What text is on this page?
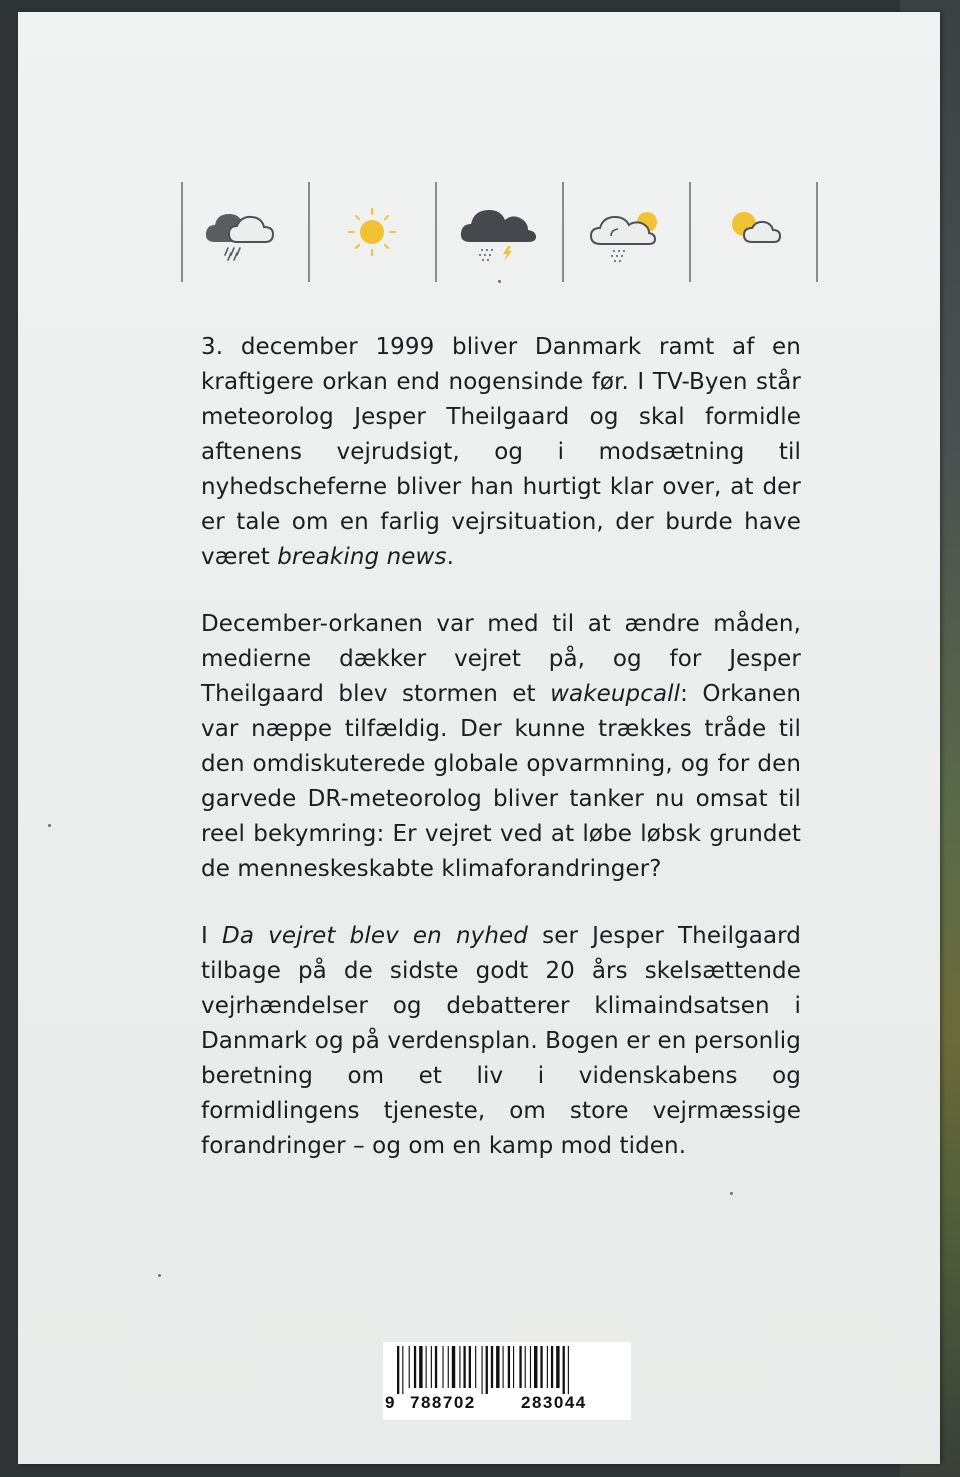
3. december 1999 bliver Danmark ramt af en kraftigere orkan end nogensinde før. I TV-Byen står meteorolog Jesper Theilgaard og skal formidle aftenens vejrudsigt, og i modsætning til nyhedscheferne bliver han hurtigt klar over, at der er tale om en farlig vejrsituation, der burde have været breaking news.

December-orkanen var med til at ændre måden, medierne dækker vejret på, og for Jesper Theilgaard blev stormen et wakeupcall: Orkanen var næppe tilfældig. Der kunne trækkes tråde til den omdiskuterede globale opvarmning, og for den garvede DR-meteorolog bliver tanker nu omsat til reel bekymring: Er vejret ved at løbe løbsk grundet de menneskeskabte klimaforandringer?

I Da vejret blev en nyhed ser Jesper Theilgaard tilbage på de sidste godt 20 års skelsættende vejrhændelser og debatterer klimaindsatsen i Danmark og på verdensplan. Bogen er en personlig beretning om et liv i videnskabens og formidlingens tjeneste, om store vejrmæssige forandringer – og om en kamp mod tiden.

9 788702	283044
